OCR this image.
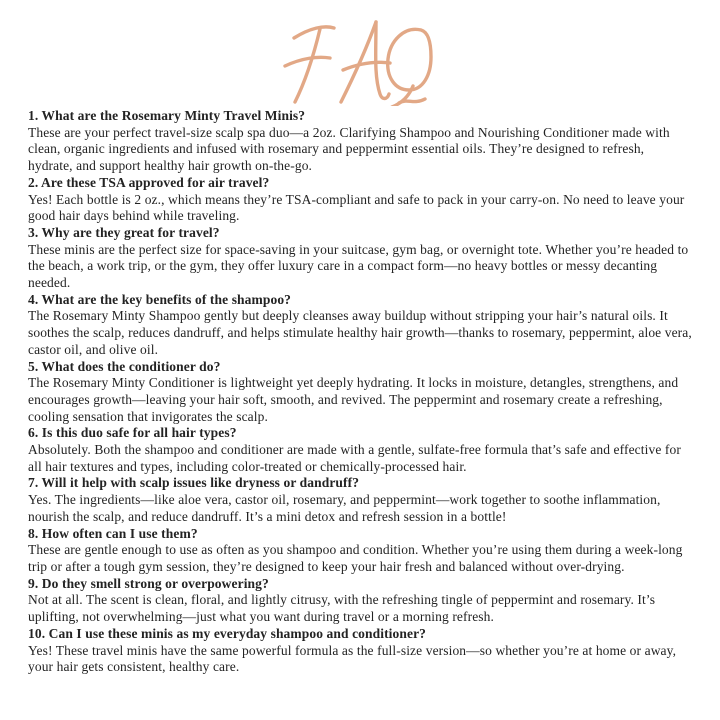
1. What are the Rosemary Minty Travel Minis?

These are your perfect travel-size scalp spa duo—a 2oz. Clarifying Shampoo and Nourishing Conditioner made with clean, organic ingredients and infused with rosemary and peppermint essential oils. They’re designed to refresh, hydrate, and support healthy hair growth on-the-go.

2. Are these TSA approved for air travel?

Yes! Each bottle is 2 oz., which means they’re TSA-compliant and safe to pack in your carry-on. No need to leave your good hair days behind while traveling.

3. Why are they great for travel?

These minis are the perfect size for space-saving in your suitcase, gym bag, or overnight tote. Whether you’re headed to the beach, a work trip, or the gym, they offer luxury care in a compact form—no heavy bottles or messy decanting needed.

4. What are the key benefits of the shampoo?

The Rosemary Minty Shampoo gently but deeply cleanses away buildup without stripping your hair’s natural oils. It soothes the scalp, reduces dandruff, and helps stimulate healthy hair growth—thanks to rosemary, peppermint, aloe vera, castor oil, and olive oil.

5. What does the conditioner do?

The Rosemary Minty Conditioner is lightweight yet deeply hydrating. It locks in moisture, detangles, strengthens, and encourages growth—leaving your hair soft, smooth, and revived. The peppermint and rosemary create a refreshing, cooling sensation that invigorates the scalp.

6. Is this duo safe for all hair types?

Absolutely. Both the shampoo and conditioner are made with a gentle, sulfate-free formula that’s safe and effective for all hair textures and types, including color-treated or chemically-processed hair.

7. Will it help with scalp issues like dryness or dandruff?

Yes. The ingredients—like aloe vera, castor oil, rosemary, and peppermint—work together to soothe inflammation, nourish the scalp, and reduce dandruff. It’s a mini detox and refresh session in a bottle!

8. How often can I use them?

These are gentle enough to use as often as you shampoo and condition. Whether you’re using them during a week-long trip or after a tough gym session, they’re designed to keep your hair fresh and balanced without over-drying.

9. Do they smell strong or overpowering?

Not at all. The scent is clean, floral, and lightly citrusy, with the refreshing tingle of peppermint and rosemary. It’s uplifting, not overwhelming—just what you want during travel or a morning refresh.

10. Can I use these minis as my everyday shampoo and conditioner?

Yes! These travel minis have the same powerful formula as the full-size version—so whether you’re at home or away, your hair gets consistent, healthy care.
